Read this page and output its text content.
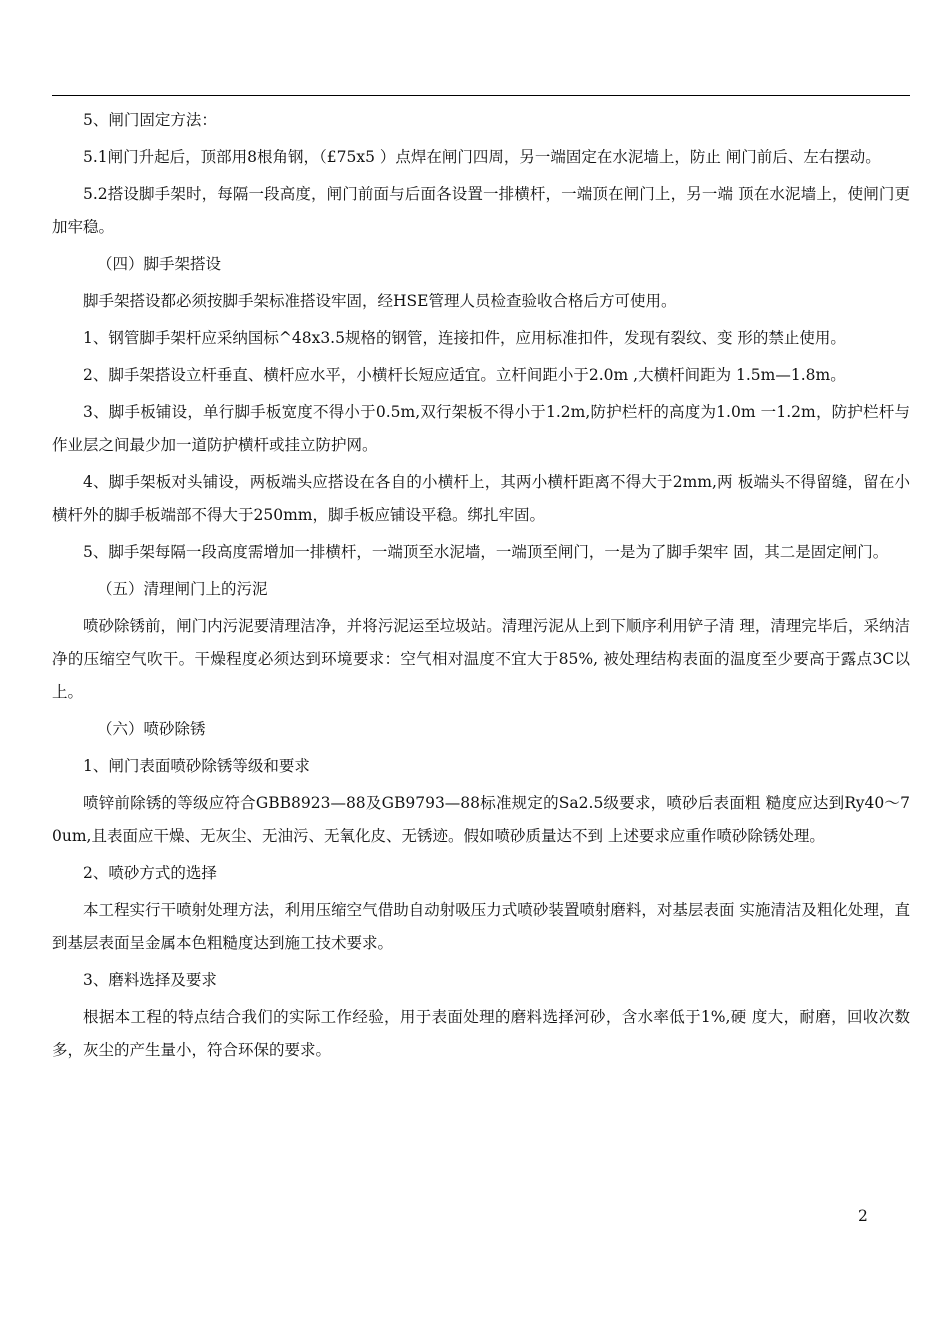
5、闸门固定方法：

5.1闸门升起后，顶部用8根角钢，（£75x5 ）点焊在闸门四周，另一端固定在水泥墙上，防止 闸门前后、左右摆动。

5.2搭设脚手架时，每隔一段高度，闸门前面与后面各设置一排横杆，一端顶在闸门上，另一端 顶在水泥墙上，使闸门更加牢稳。

（四）脚手架搭设

脚手架搭设都必须按脚手架标准搭设牢固，经HSE管理人员检查验收合格后方可使用。

1、钢管脚手架杆应采纳国标^48x3.5规格的钢管，连接扣件，应用标准扣件，发现有裂纹、变 形的禁止使用。

2、脚手架搭设立杆垂直、横杆应水平，小横杆长短应适宜。立杆间距小于2.0m ,大横杆间距为 1.5m—1.8m。

3、脚手板铺设，单行脚手板宽度不得小于0.5m,双行架板不得小于1.2m,防护栏杆的高度为1.0m 一1.2m，防护栏杆与作业层之间最少加一道防护横杆或挂立防护网。

4、脚手架板对头铺设，两板端头应搭设在各自的小横杆上，其两小横杆距离不得大于2mm,两 板端头不得留缝，留在小横杆外的脚手板端部不得大于250mm，脚手板应铺设平稳。绑扎牢固。

5、脚手架每隔一段高度需增加一排横杆，一端顶至水泥墙，一端顶至闸门，一是为了脚手架牢 固，其二是固定闸门。

（五）清理闸门上的污泥

喷砂除锈前，闸门内污泥要清理洁净，并将污泥运至垃圾站。清理污泥从上到下顺序利用铲子清 理，清理完毕后，采纳洁净的压缩空气吹干。干燥程度必须达到环境要求：空气相对温度不宜大于85%, 被处理结构表面的温度至少要高于露点3C以上。

（六）喷砂除锈

1、闸门表面喷砂除锈等级和要求

喷锌前除锈的等级应符合GBB8923—88及GB9793—88标准规定的Sa2.5级要求，喷砂后表面粗 糙度应达到Ry40〜70um,且表面应干燥、无灰尘、无油污、无氧化皮、无锈迹。假如喷砂质量达不到 上述要求应重作喷砂除锈处理。

2、喷砂方式的选择

本工程实行干喷射处理方法，利用压缩空气借助自动射吸压力式喷砂装置喷射磨料，对基层表面 实施清洁及粗化处理，直到基层表面呈金属本色粗糙度达到施工技术要求。

3、磨料选择及要求

根据本工程的特点结合我们的实际工作经验，用于表面处理的磨料选择河砂，含水率低于1%,硬 度大，耐磨，回收次数多，灰尘的产生量小，符合环保的要求。

2
